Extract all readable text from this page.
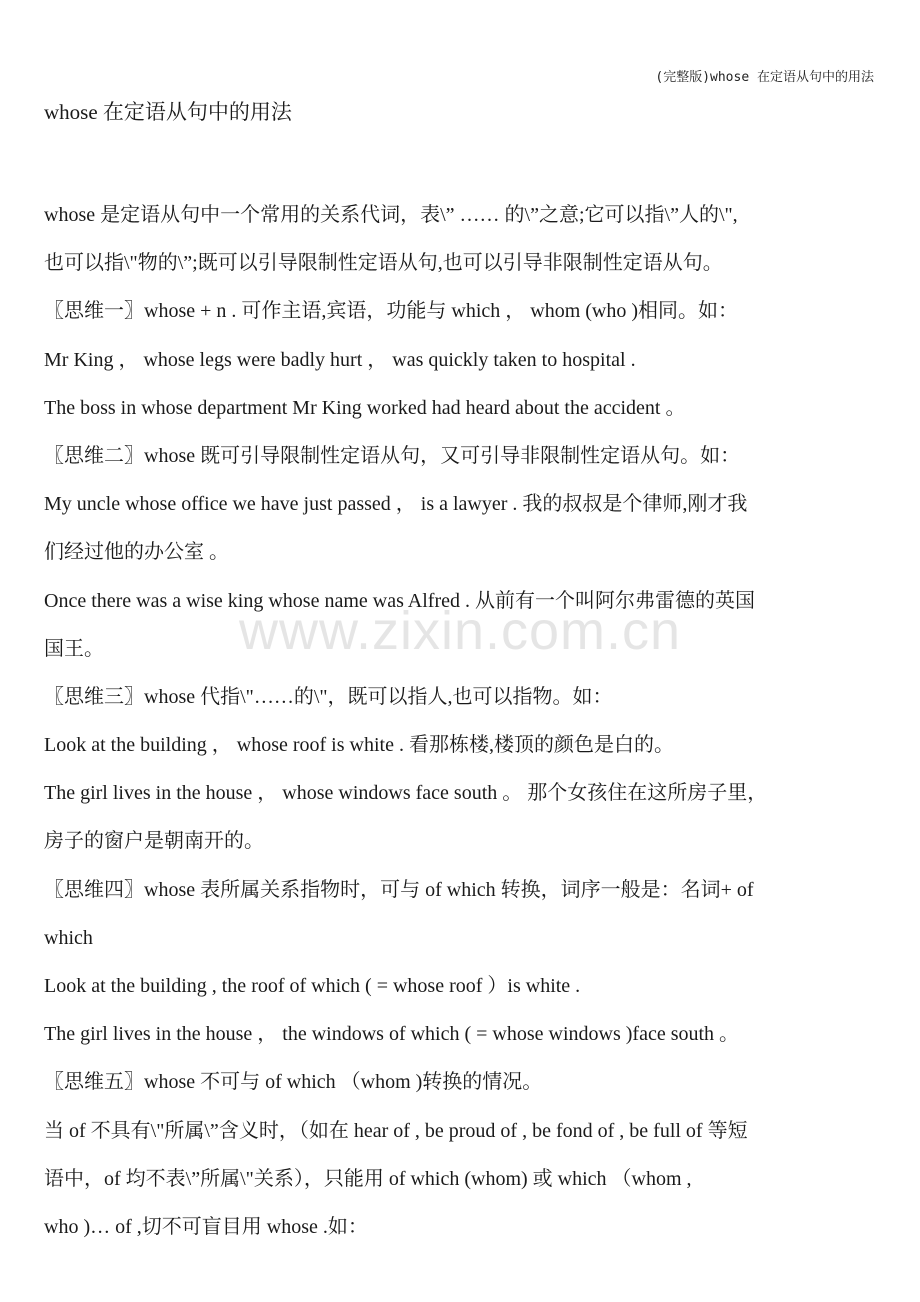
(完整版)whose 在定语从句中的用法
whose 在定语从句中的用法
whose 是定语从句中一个常用的关系代词，表\” …… 的\”之意;它可以指\”人的\",
也可以指\"物的\”;既可以引导限制性定语从句,也可以引导非限制性定语从句。
〖思维一〗whose + n . 可作主语,宾语，功能与 which ， whom (who )相同。如：
Mr King ， whose legs were badly hurt ， was quickly taken to hospital .
The boss in whose department Mr King worked had heard about the accident 。
〖思维二〗whose 既可引导限制性定语从句，又可引导非限制性定语从句。如：
My uncle whose office we have just passed ， is a lawyer . 我的叔叔是个律师,刚才我
们经过他的办公室 。
Once there was a wise king whose name was Alfred . 从前有一个叫阿尔弗雷德的英国
国王。
〖思维三〗whose 代指\"……的\"，既可以指人,也可以指物。如：
Look at the building ， whose roof is white . 看那栋楼,楼顶的颜色是白的。
The girl lives in the house ， whose windows face south 。 那个女孩住在这所房子里，
房子的窗户是朝南开的。
〖思维四〗whose 表所属关系指物时，可与 of which 转换，词序一般是：名词+ of
which
Look at the building , the roof of which ( = whose roof ）is white .
The girl lives in the house ， the windows of which ( = whose windows )face south 。
〖思维五〗whose 不可与 of which （whom )转换的情况。
当 of 不具有\"所属\”含义时，（如在 hear of , be proud of , be fond of , be full of 等短
语中，of 均不表\”所属\"关系），只能用 of which (whom) 或 which （whom ,
who )… of ,切不可盲目用 whose .如：
www.zixin.com.cn
